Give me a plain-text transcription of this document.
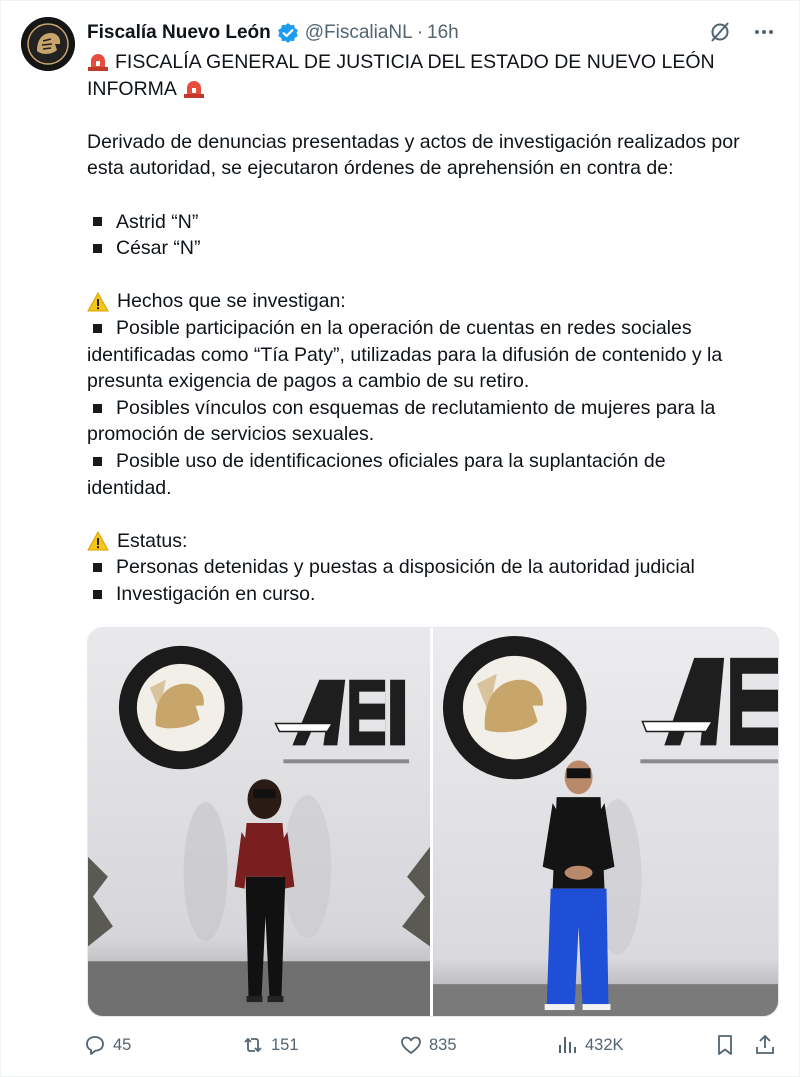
Fiscalía Nuevo León @FiscaliaNL · 16h
FISCALÍA GENERAL DE JUSTICIA DEL ESTADO DE NUEVO LEÓN
INFORMA
Derivado de denuncias presentadas y actos de investigación realizados por
esta autoridad, se ejecutaron órdenes de aprehensión en contra de:
Astrid “N”
César “N”
Hechos que se investigan:
Posible participación en la operación de cuentas en redes sociales
identificadas como “Tía Paty”, utilizadas para la difusión de contenido y la
presunta exigencia de pagos a cambio de su retiro.
Posibles vínculos con esquemas de reclutamiento de mujeres para la
promoción de servicios sexuales.
Posible uso de identificaciones oficiales para la suplantación de
identidad.
Estatus:
Personas detenidas y puestas a disposición de la autoridad judicial
Investigación en curso.
45	151	835	432K
